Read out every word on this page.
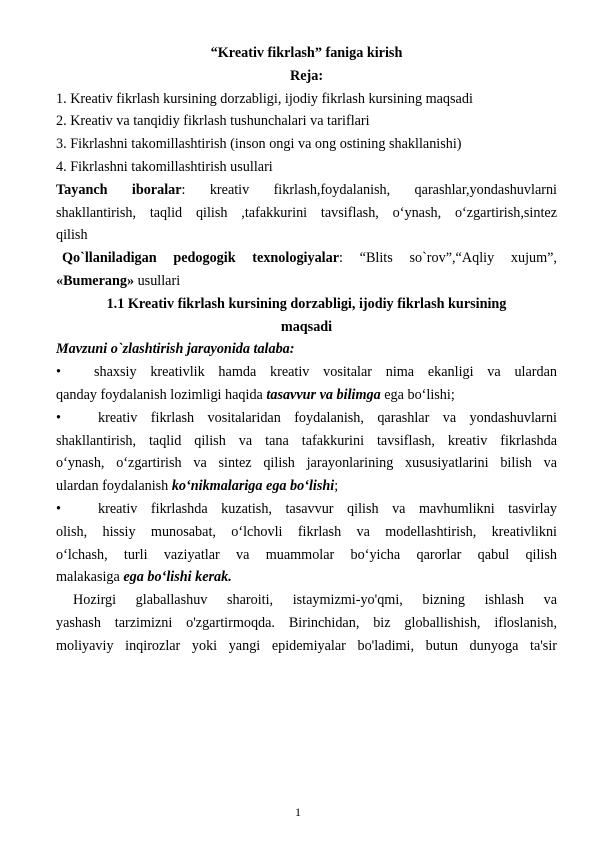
“Kreativ fikrlash” faniga kirish
Reja:
1. Kreativ fikrlash kursining dorzabligi, ijodiy fikrlash kursining maqsadi
2. Kreativ va tanqidiy fikrlash tushunchalari va tariflari
3. Fikrlashni takomillashtirish (inson ongi va ong ostining shakllanishi)
4. Fikrlashni takomillashtirish usullari
Tayanch iboralar: kreativ fikrlash,foydalanish, qarashlar,yondashuvlarni
shakllantirish, taqlid qilish ,tafakkurini tavsiflash, o‘ynash, o‘zgartirish,sintez
qilish
Qo`llaniladigan pedogogik texnologiyalar: “Blits so`rov”,“Aqliy xujum”,
«Bumerang» usullari
1.1 Kreativ fikrlash kursining dorzabligi, ijodiy fikrlash kursining
maqsadi
Mavzuni o`zlashtirish jarayonida talaba:
• shaxsiy kreativlik hamda kreativ vositalar nima ekanligi va ulardan
qanday foydalanish lozimligi haqida tasavvur va bilimga ega bo‘lishi;
•	kreativ fikrlash vositalaridan foydalanish, qarashlar va yondashuvlarni
shakllantirish, taqlid qilish va tana tafakkurini tavsiflash, kreativ fikrlashda
o‘ynash, o‘zgartirish va sintez qilish jarayonlarining xususiyatlarini bilish va
ulardan foydalanish ko‘nikmalariga ega bo‘lishi;
•	kreativ fikrlashda kuzatish, tasavvur qilish va mavhumlikni tasvirlay
olish, hissiy munosabat, o‘lchovli fikrlash va modellashtirish, kreativlikni
o‘lchash, turli vaziyatlar va muammolar bo‘yicha qarorlar qabul qilish
malakasiga ega bo‘lishi kerak.
Hozirgi glaballashuv sharoiti, istaymizmi-yo'qmi, bizning ishlash va
yashash tarzimizni o'zgartirmoqda. Birinchidan, biz globallishish, ifloslanish,
moliyaviy inqirozlar yoki yangi epidemiyalar bo'ladimi, butun dunyoga ta'sir
1
